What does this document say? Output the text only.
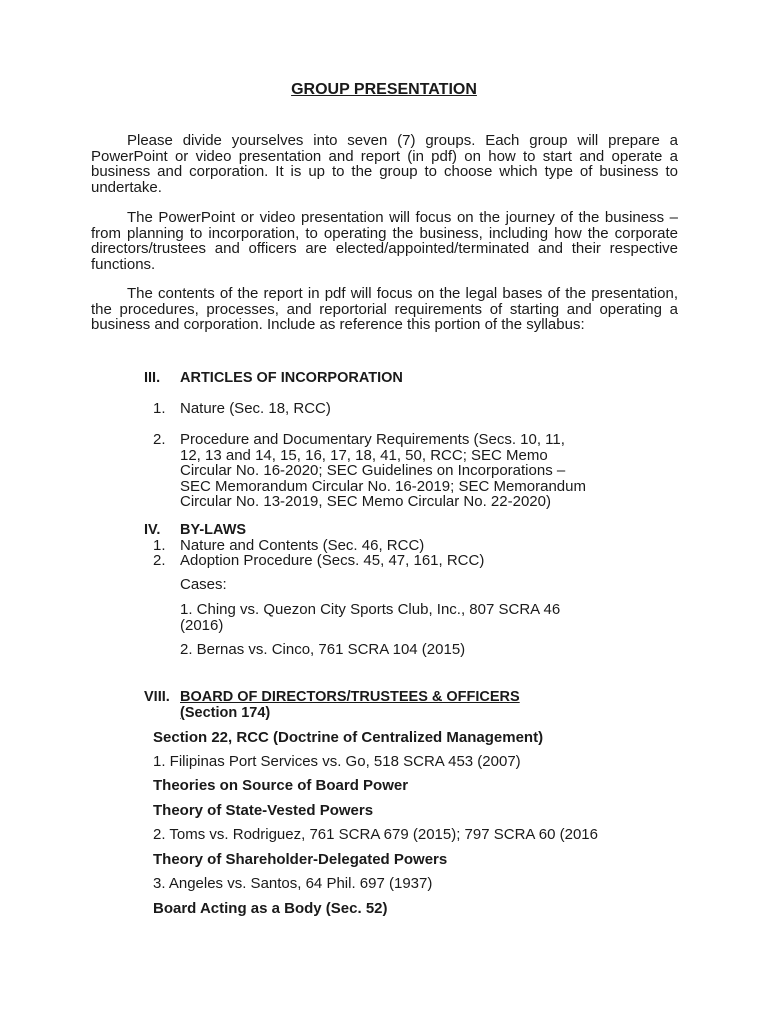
GROUP PRESENTATION

Please divide yourselves into seven (7) groups. Each group will prepare a PowerPoint or video presentation and report (in pdf) on how to start and operate a business and corporation. It is up to the group to choose which type of business to undertake.

The PowerPoint or video presentation will focus on the journey of the business – from planning to incorporation, to operating the business, including how the corporate directors/trustees and officers are elected/appointed/terminated and their respective functions.

The contents of the report in pdf will focus on the legal bases of the presentation, the procedures, processes, and reportorial requirements of starting and operating a business and corporation. Include as reference this portion of the syllabus:

III. ARTICLES OF INCORPORATION
1. Nature (Sec. 18, RCC)
2. Procedure and Documentary Requirements (Secs. 10, 11,
12, 13 and 14, 15, 16, 17, 18, 41, 50, RCC; SEC Memo
Circular No. 16-2020; SEC Guidelines on Incorporations –
SEC Memorandum Circular No. 16-2019; SEC Memorandum
Circular No. 13-2019, SEC Memo Circular No. 22-2020)
IV. BY-LAWS
1. Nature and Contents (Sec. 46, RCC)
2. Adoption Procedure (Secs. 45, 47, 161, RCC)
Cases:
1. Ching vs. Quezon City Sports Club, Inc., 807 SCRA 46
(2016)
2. Bernas vs. Cinco, 761 SCRA 104 (2015)
VIII. BOARD OF DIRECTORS/TRUSTEES & OFFICERS
(Section 174)
Section 22, RCC (Doctrine of Centralized Management)
1. Filipinas Port Services vs. Go, 518 SCRA 453 (2007)
Theories on Source of Board Power
Theory of State-Vested Powers
2. Toms vs. Rodriguez, 761 SCRA 679 (2015); 797 SCRA 60 (2016
Theory of Shareholder-Delegated Powers
3. Angeles vs. Santos, 64 Phil. 697 (1937)
Board Acting as a Body (Sec. 52)
